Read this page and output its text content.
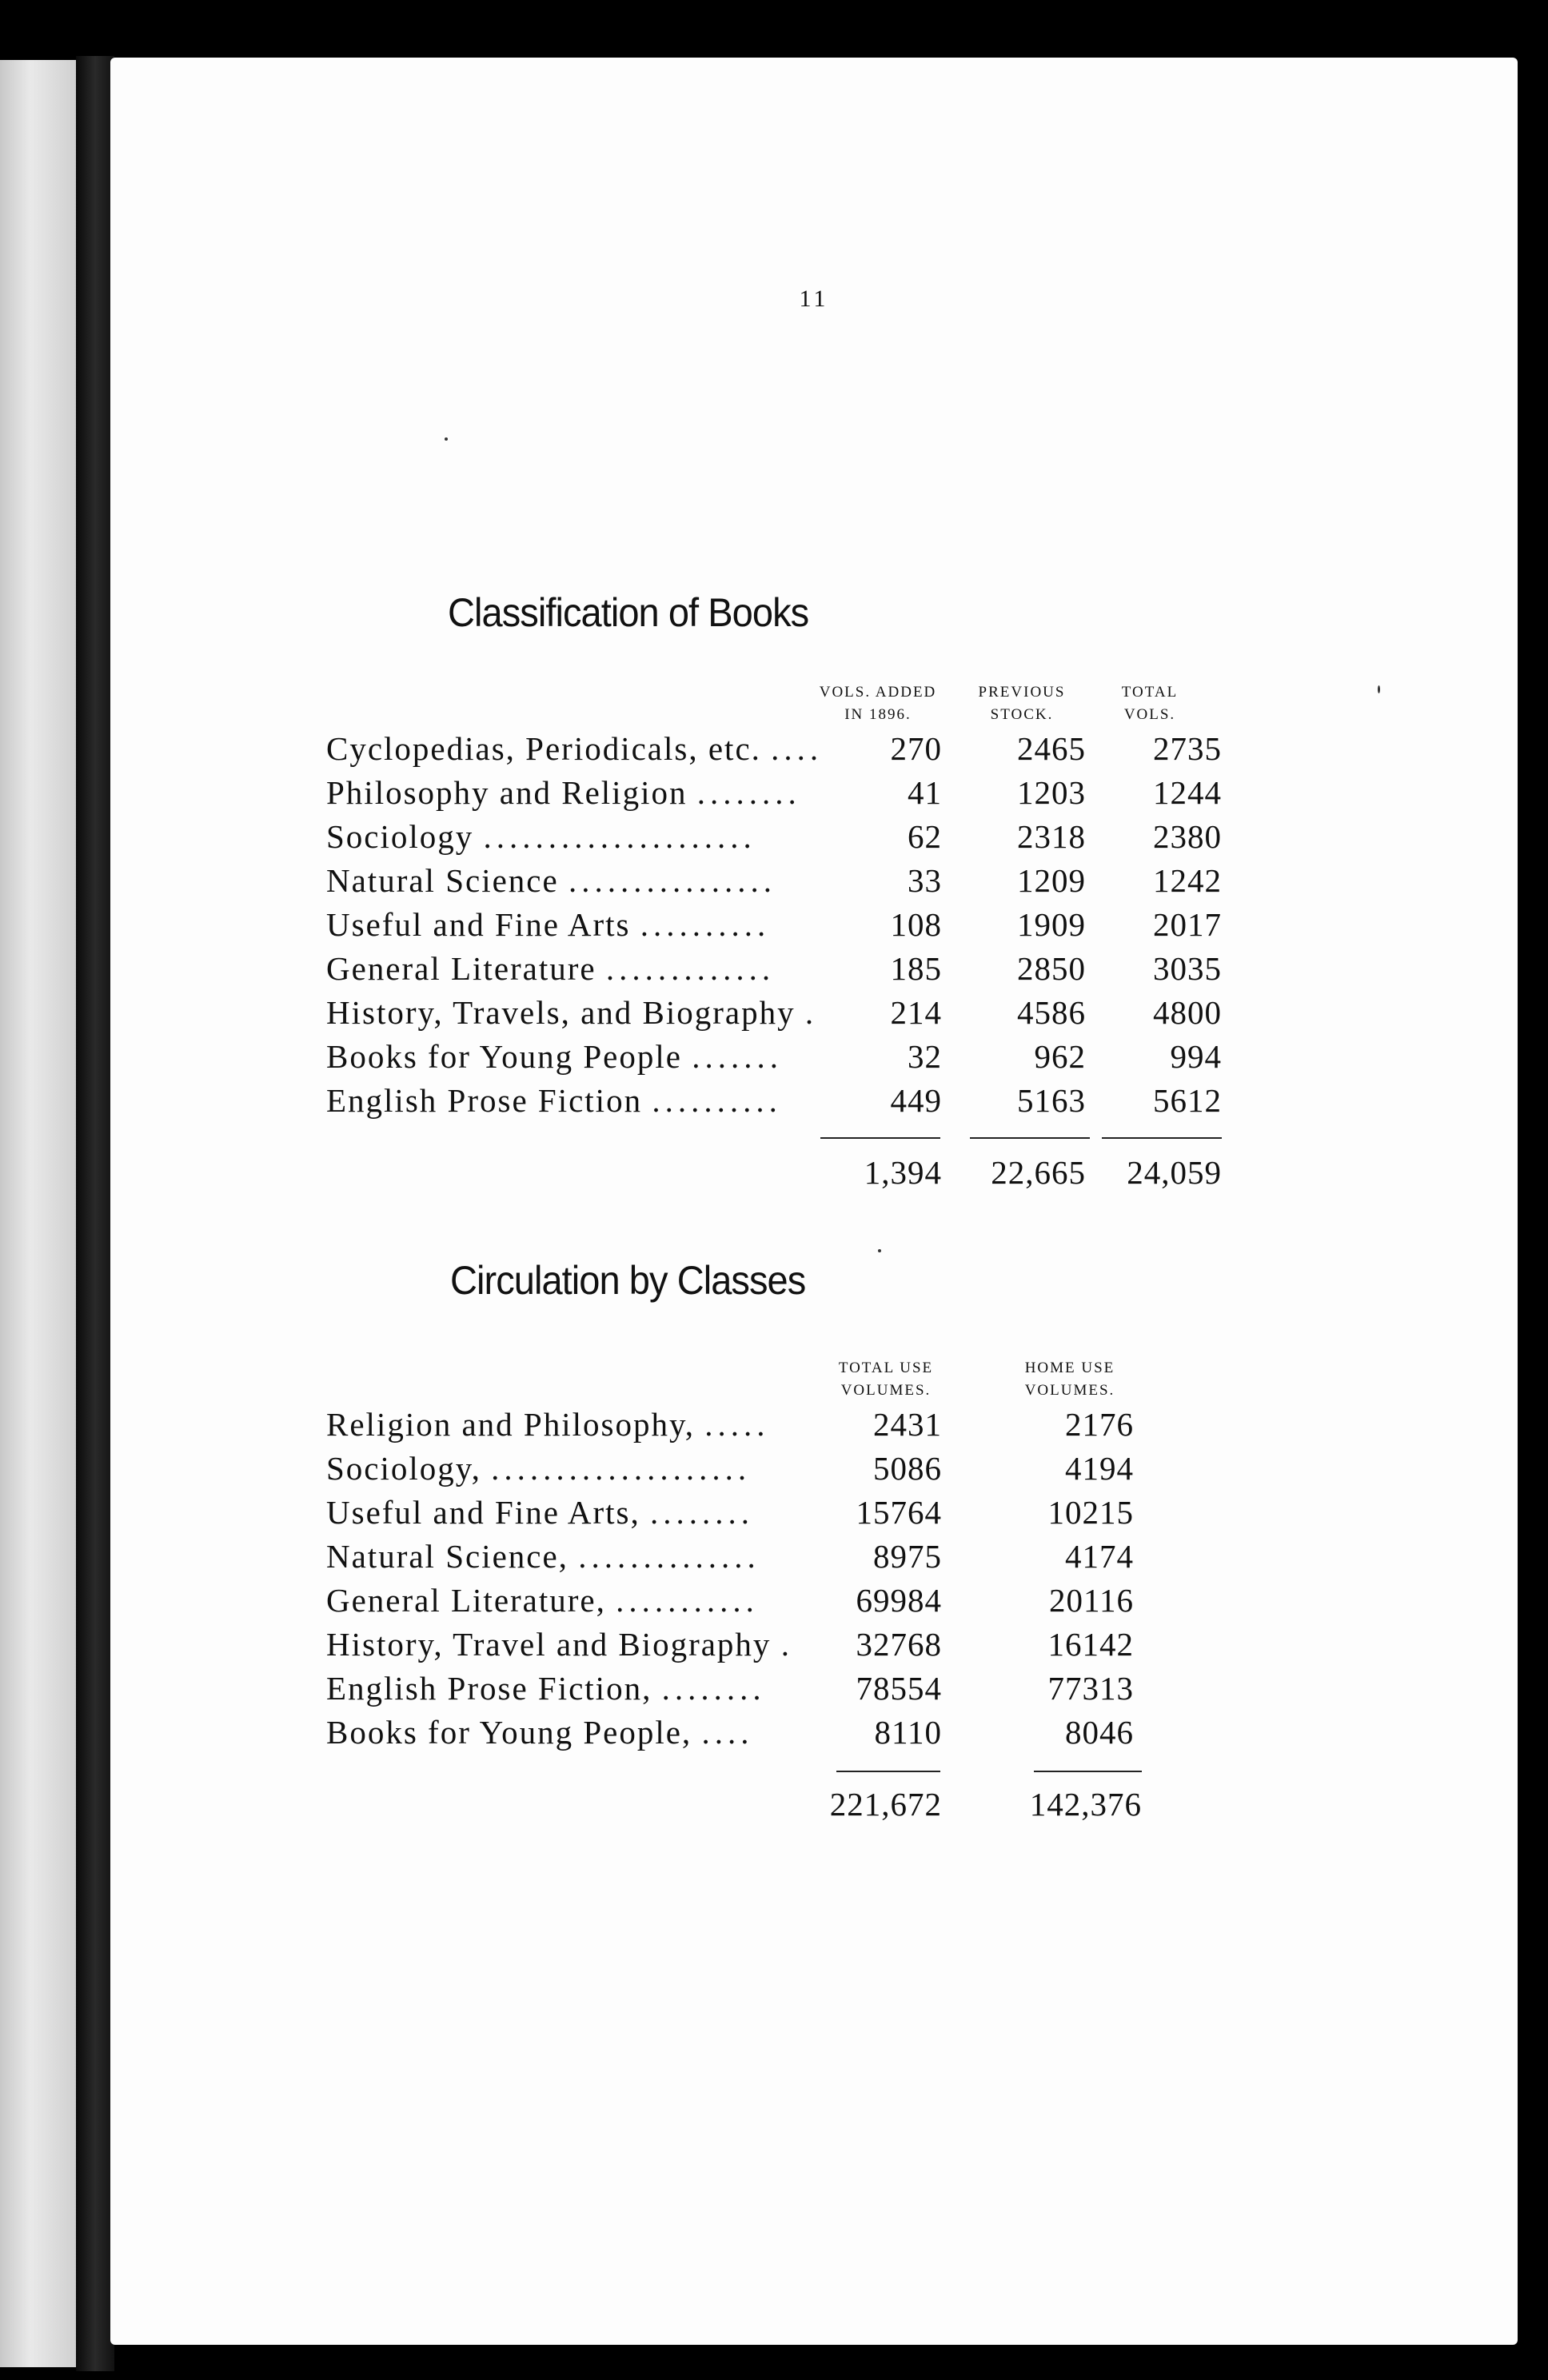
11
Classification of Books
VOLS. ADDED
IN 1896.
PREVIOUS
STOCK.
TOTAL
VOLS.
Cyclopedias, Periodicals, etc. ....	270	2465	2735
Philosophy and Religion ........	41	1203	1244
Sociology .....................	62	2318	2380
Natural Science ................	33	1209	1242
Useful and Fine Arts ..........	108	1909	2017
General Literature .............	185	2850	3035
History, Travels, and Biography .	214	4586	4800
Books for Young People .......	32	962	994
English Prose Fiction ..........	449	5163	5612
1,394	22,665	24,059
Circulation by Classes
TOTAL USE
VOLUMES.
HOME USE
VOLUMES.
Religion and Philosophy, .....	2431	2176
Sociology, ....................	5086	4194
Useful and Fine Arts, ........	15764	10215
Natural Science, ..............	8975	4174
General Literature, ...........	69984	20116
History, Travel and Biography .	32768	16142
English Prose Fiction, ........	78554	77313
Books for Young People, ....	8110	8046
221,672	142,376
